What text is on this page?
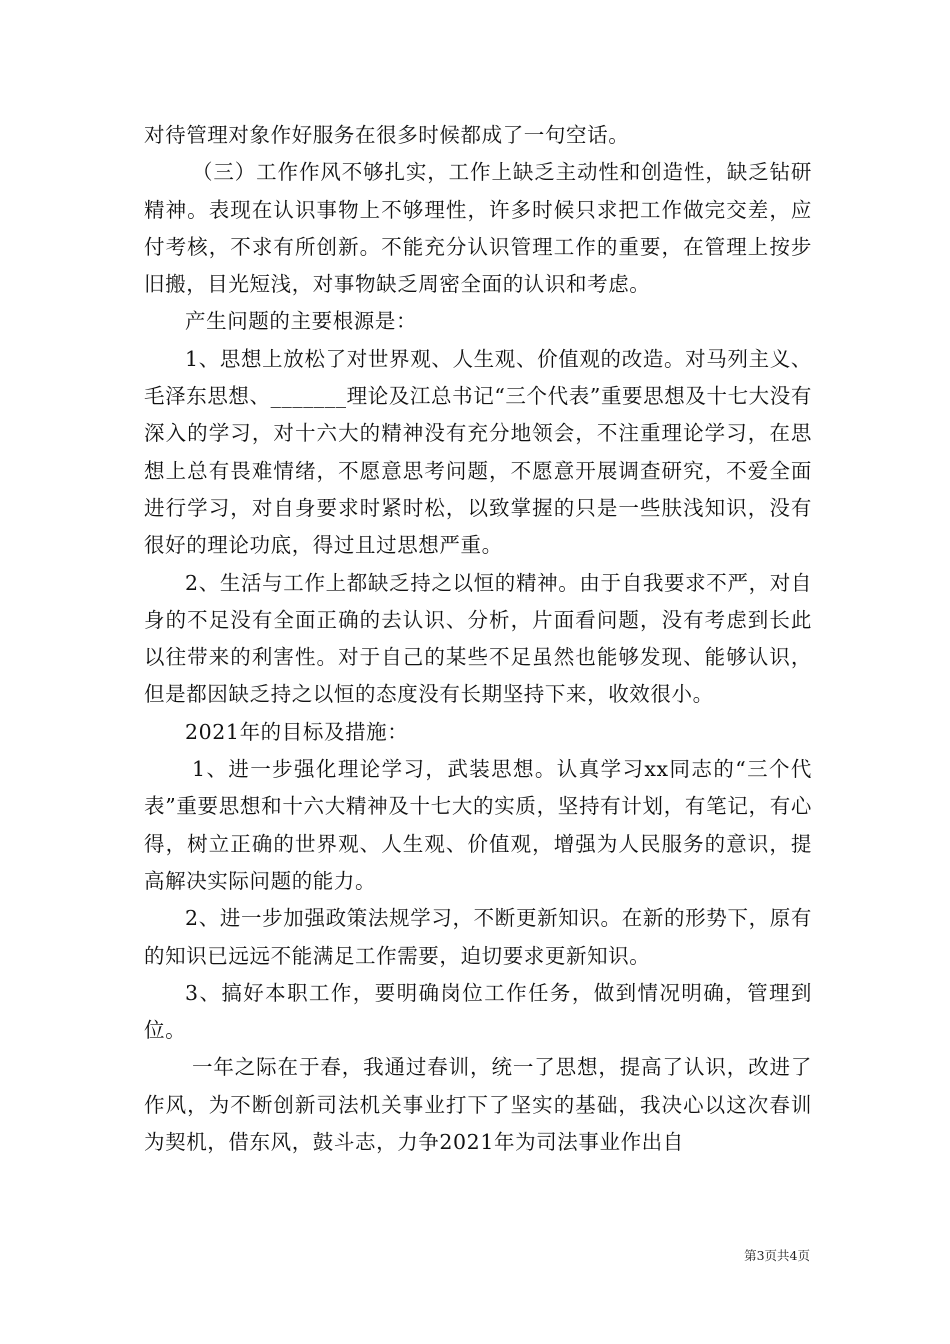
对待管理对象作好服务在很多时候都成了一句空话。

（三）工作作风不够扎实，工作上缺乏主动性和创造性，缺乏钻研精神。表现在认识事物上不够理性，许多时候只求把工作做完交差，应付考核，不求有所创新。不能充分认识管理工作的重要，在管理上按步旧搬，目光短浅，对事物缺乏周密全面的认识和考虑。

产生问题的主要根源是：

1、思想上放松了对世界观、人生观、价值观的改造。对马列主义、毛泽东思想、_______理论及江总书记“三个代表”重要思想及十七大没有深入的学习，对十六大的精神没有充分地领会，不注重理论学习，在思想上总有畏难情绪，不愿意思考问题，不愿意开展调查研究，不爱全面进行学习，对自身要求时紧时松，以致掌握的只是一些肤浅知识，没有很好的理论功底，得过且过思想严重。

2、生活与工作上都缺乏持之以恒的精神。由于自我要求不严，对自身的不足没有全面正确的去认识、分析，片面看问题，没有考虑到长此以往带来的利害性。对于自己的某些不足虽然也能够发现、能够认识，但是都因缺乏持之以恒的态度没有长期坚持下来，收效很小。

2021年的目标及措施：

1、进一步强化理论学习，武装思想。认真学习xx同志的“三个代表”重要思想和十六大精神及十七大的实质，坚持有计划，有笔记，有心得，树立正确的世界观、人生观、价值观，增强为人民服务的意识，提高解决实际问题的能力。

2、进一步加强政策法规学习，不断更新知识。在新的形势下，原有的知识已远远不能满足工作需要，迫切要求更新知识。

3、搞好本职工作，要明确岗位工作任务，做到情况明确，管理到位。

一年之际在于春，我通过春训，统一了思想，提高了认识，改进了作风，为不断创新司法机关事业打下了坚实的基础，我决心以这次春训为契机，借东风，鼓斗志，力争2021年为司法事业作出自

第3页共4页
